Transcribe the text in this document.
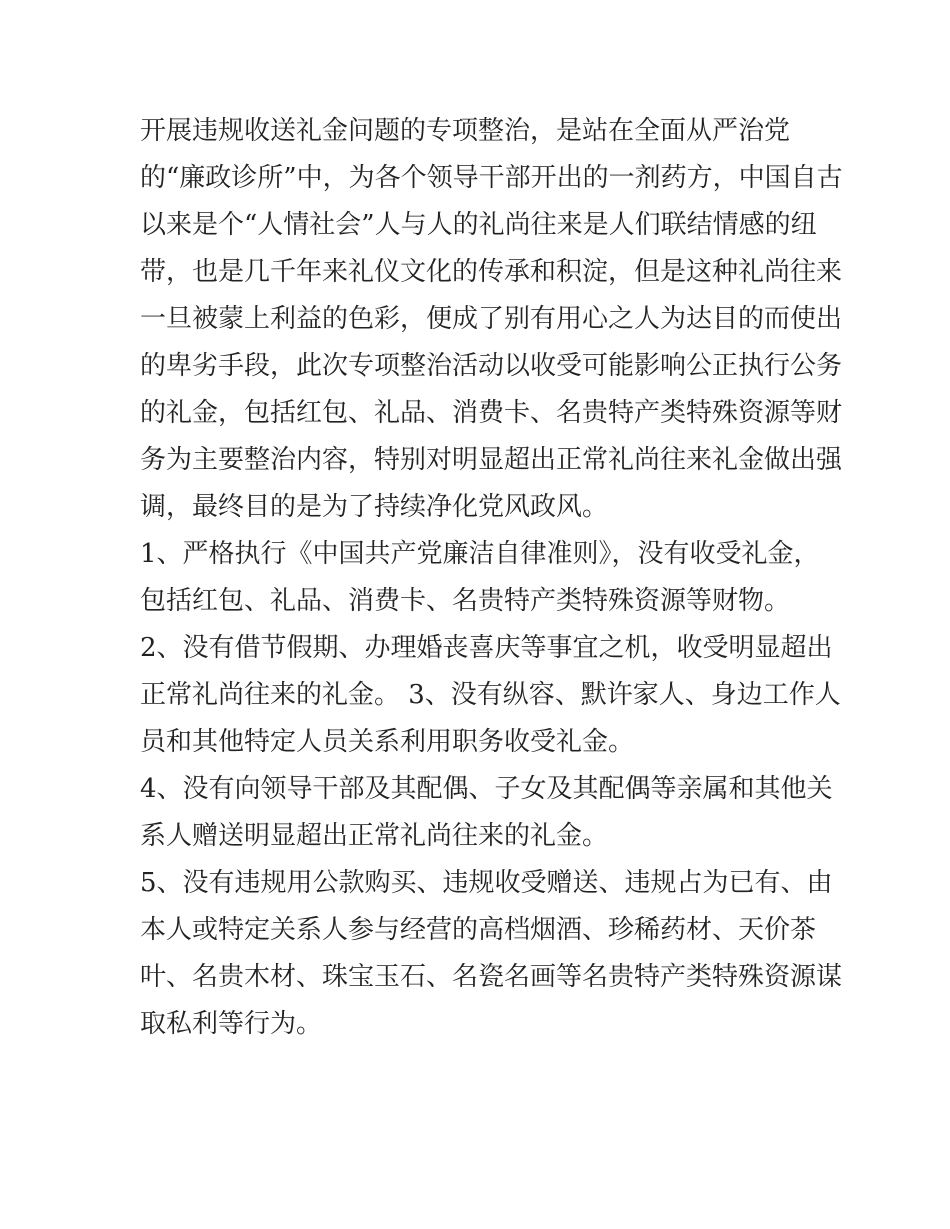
开展违规收送礼金问题的专项整治，是站在全面从严治党
的“廉政诊所”中，为各个领导干部开出的一剂药方，中国自古
以来是个“人情社会”人与人的礼尚往来是人们联结情感的纽
带，也是几千年来礼仪文化的传承和积淀，但是这种礼尚往来
一旦被蒙上利益的色彩，便成了别有用心之人为达目的而使出
的卑劣手段，此次专项整治活动以收受可能影响公正执行公务
的礼金，包括红包、礼品、消费卡、名贵特产类特殊资源等财
务为主要整治内容，特别对明显超出正常礼尚往来礼金做出强
调，最终目的是为了持续净化党风政风。
1、严格执行《中国共产党廉洁自律准则》，没有收受礼金，
包括红包、礼品、消费卡、名贵特产类特殊资源等财物。
2、没有借节假期、办理婚丧喜庆等事宜之机，收受明显超出
正常礼尚往来的礼金。 3、没有纵容、默许家人、身边工作人
员和其他特定人员关系利用职务收受礼金。
4、没有向领导干部及其配偶、子女及其配偶等亲属和其他关
系人赠送明显超出正常礼尚往来的礼金。
5、没有违规用公款购买、违规收受赠送、违规占为已有、由
本人或特定关系人参与经营的高档烟酒、珍稀药材、天价茶
叶、名贵木材、珠宝玉石、名瓷名画等名贵特产类特殊资源谋
取私利等行为。
